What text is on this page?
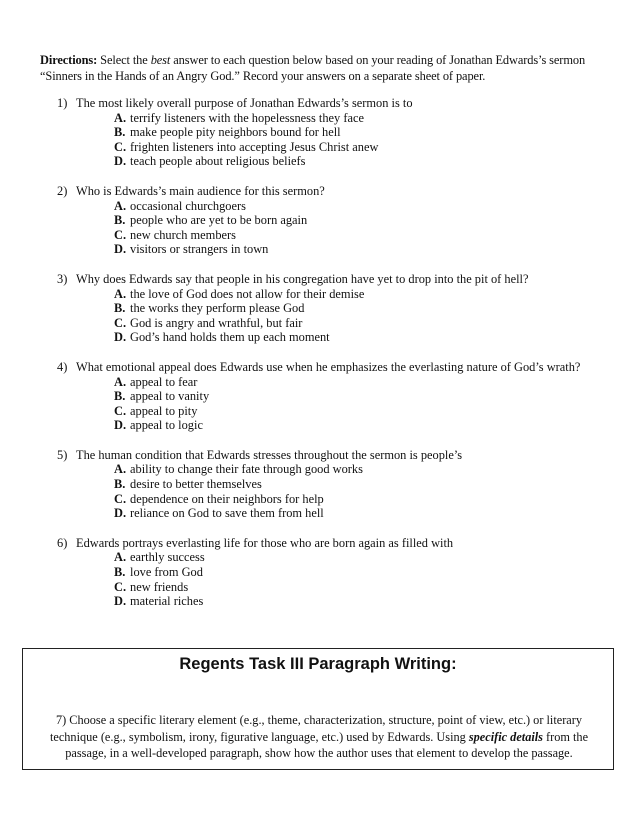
Directions: Select the best answer to each question below based on your reading of Jonathan Edwards’s sermon “Sinners in the Hands of an Angry God.” Record your answers on a separate sheet of paper.

1) The most likely overall purpose of Jonathan Edwards’s sermon is to
A. terrify listeners with the hopelessness they face
B. make people pity neighbors bound for hell
C. frighten listeners into accepting Jesus Christ anew
D. teach people about religious beliefs
2) Who is Edwards’s main audience for this sermon?
A. occasional churchgoers
B. people who are yet to be born again
C. new church members
D. visitors or strangers in town
3) Why does Edwards say that people in his congregation have yet to drop into the pit of hell?
A. the love of God does not allow for their demise
B. the works they perform please God
C. God is angry and wrathful, but fair
D. God’s hand holds them up each moment
4) What emotional appeal does Edwards use when he emphasizes the everlasting nature of God’s wrath?
A. appeal to fear
B. appeal to vanity
C. appeal to pity
D. appeal to logic
5) The human condition that Edwards stresses throughout the sermon is people’s
A. ability to change their fate through good works
B. desire to better themselves
C. dependence on their neighbors for help
D. reliance on God to save them from hell
6) Edwards portrays everlasting life for those who are born again as filled with
A. earthly success
B. love from God
C. new friends
D. material riches
Regents Task III Paragraph Writing:

7) Choose a specific literary element (e.g., theme, characterization, structure, point of view, etc.) or literary technique (e.g., symbolism, irony, figurative language, etc.) used by Edwards. Using specific details from the passage, in a well-developed paragraph, show how the author uses that element to develop the passage.
